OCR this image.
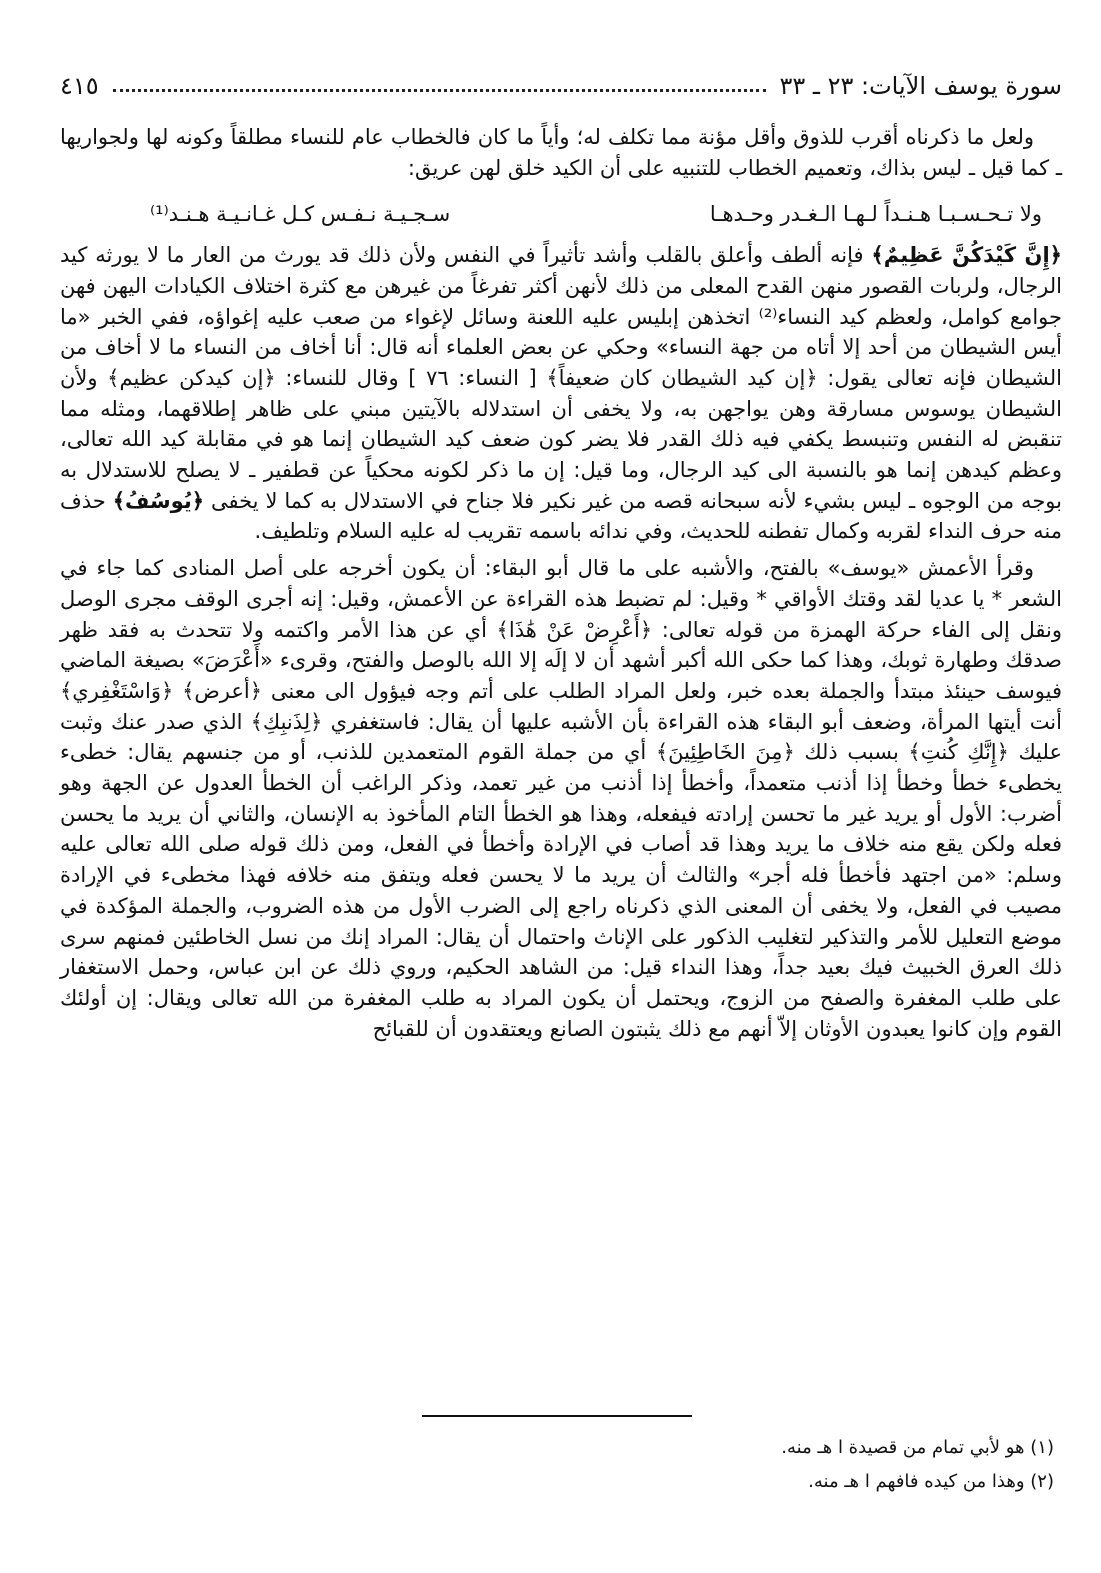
سورة يوسف الآيات: ٢٣ ـ ٣٣
٤١٥

ولعل ما ذكرناه أقرب للذوق وأقل مؤنة مما تكلف له؛ وأياً ما كان فالخطاب عام للنساء مطلقاً وكونه لها ولجواريها ـ كما قيل ـ ليس بذاك، وتعميم الخطاب للتنبيه على أن الكيد خلق لهن عريق:

ولا تـحـسـبـا هـنـداً لـهـا الـغـدر وحـدهـا
سـجـيـة نـفـس كـل غـانـيـة هـنـد⁽¹⁾

﴿إِنَّ كَيْدَكُنَّ عَظِيمٌ﴾ فإنه ألطف وأعلق بالقلب وأشد تأثيراً في النفس ولأن ذلك قد يورث من العار ما لا يورثه كيد الرجال، ولربات القصور منهن القدح المعلى من ذلك لأنهن أكثر تفرغاً من غيرهن مع كثرة اختلاف الكيادات اليهن فهن جوامع كوامل، ولعظم كيد النساء⁽²⁾ اتخذهن إبليس عليه اللعنة وسائل لإغواء من صعب عليه إغواؤه، ففي الخبر «ما أيس الشيطان من أحد إلا أتاه من جهة النساء» وحكي عن بعض العلماء أنه قال: أنا أخاف من النساء ما لا أخاف من الشيطان فإنه تعالى يقول: ﴿إن كيد الشيطان كان ضعيفاً﴾ [ النساء: ٧٦ ] وقال للنساء: ﴿إن كيدكن عظيم﴾ ولأن الشيطان يوسوس مسارقة وهن يواجهن به، ولا يخفى أن استدلاله بالآيتين مبني على ظاهر إطلاقهما، ومثله مما تنقبض له النفس وتنبسط يكفي فيه ذلك القدر فلا يضر كون ضعف كيد الشيطان إنما هو في مقابلة كيد الله تعالى، وعظم كيدهن إنما هو بالنسبة الى كيد الرجال، وما قيل: إن ما ذكر لكونه محكياً عن قطفير ـ لا يصلح للاستدلال به بوجه من الوجوه ـ ليس بشيء لأنه سبحانه قصه من غير نكير فلا جناح في الاستدلال به كما لا يخفى ﴿يُوسُفُ﴾ حذف منه حرف النداء لقربه وكمال تفطنه للحديث، وفي ندائه باسمه تقريب له عليه السلام وتلطيف.

وقرأ الأعمش «يوسف» بالفتح، والأشبه على ما قال أبو البقاء: أن يكون أخرجه على أصل المنادى كما جاء في الشعر * يا عديا لقد وقتك الأواقي * وقيل: لم تضبط هذه القراءة عن الأعمش، وقيل: إنه أجرى الوقف مجرى الوصل ونقل إلى الفاء حركة الهمزة من قوله تعالى: ﴿أَعْرِضْ عَنْ هَٰذَا﴾ أي عن هذا الأمر واكتمه ولا تتحدث به فقد ظهر صدقك وطهارة ثوبك، وهذا كما حكى الله أكبر أشهد أن لا إلَه إلا الله بالوصل والفتح، وقرىء «أَعْرَضَ» بصيغة الماضي فيوسف حينئذ مبتدأ والجملة بعده خبر، ولعل المراد الطلب على أتم وجه فيؤول الى معنى ﴿أعرض﴾ ﴿وَاسْتَغْفِري﴾ أنت أيتها المرأة، وضعف أبو البقاء هذه القراءة بأن الأشبه عليها أن يقال: فاستغفري ﴿لِذَنبِكِ﴾ الذي صدر عنك وثبت عليك ﴿إِنَّكِ كُنتِ﴾ بسبب ذلك ﴿مِنَ الخَاطِئِينَ﴾ أي من جملة القوم المتعمدين للذنب، أو من جنسهم يقال: خطىء يخطىء خطأ وخطأ إذا أذنب متعمداً، وأخطأ إذا أذنب من غير تعمد، وذكر الراغب أن الخطأ العدول عن الجهة وهو أضرب: الأول أو يريد غير ما تحسن إرادته فيفعله، وهذا هو الخطأ التام المأخوذ به الإنسان، والثاني أن يريد ما يحسن فعله ولكن يقع منه خلاف ما يريد وهذا قد أصاب في الإرادة وأخطأ في الفعل، ومن ذلك قوله صلى الله تعالى عليه وسلم: «من اجتهد فأخطأ فله أجر» والثالث أن يريد ما لا يحسن فعله ويتفق منه خلافه فهذا مخطىء في الإرادة مصيب في الفعل، ولا يخفى أن المعنى الذي ذكرناه راجع إلى الضرب الأول من هذه الضروب، والجملة المؤكدة في موضع التعليل للأمر والتذكير لتغليب الذكور على الإناث واحتمال أن يقال: المراد إنك من نسل الخاطئين فمنهم سرى ذلك العرق الخبيث فيك بعيد جداً، وهذا النداء قيل: من الشاهد الحكيم، وروي ذلك عن ابن عباس، وحمل الاستغفار على طلب المغفرة والصفح من الزوج، ويحتمل أن يكون المراد به طلب المغفرة من الله تعالى ويقال: إن أولئك القوم وإن كانوا يعبدون الأوثان إلاّ أنهم مع ذلك يثبتون الصانع ويعتقدون أن للقبائح

(١) هو لأبي تمام من قصيدة ا هـ منه.
(٢) وهذا من كيده فافهم ا هـ منه.
